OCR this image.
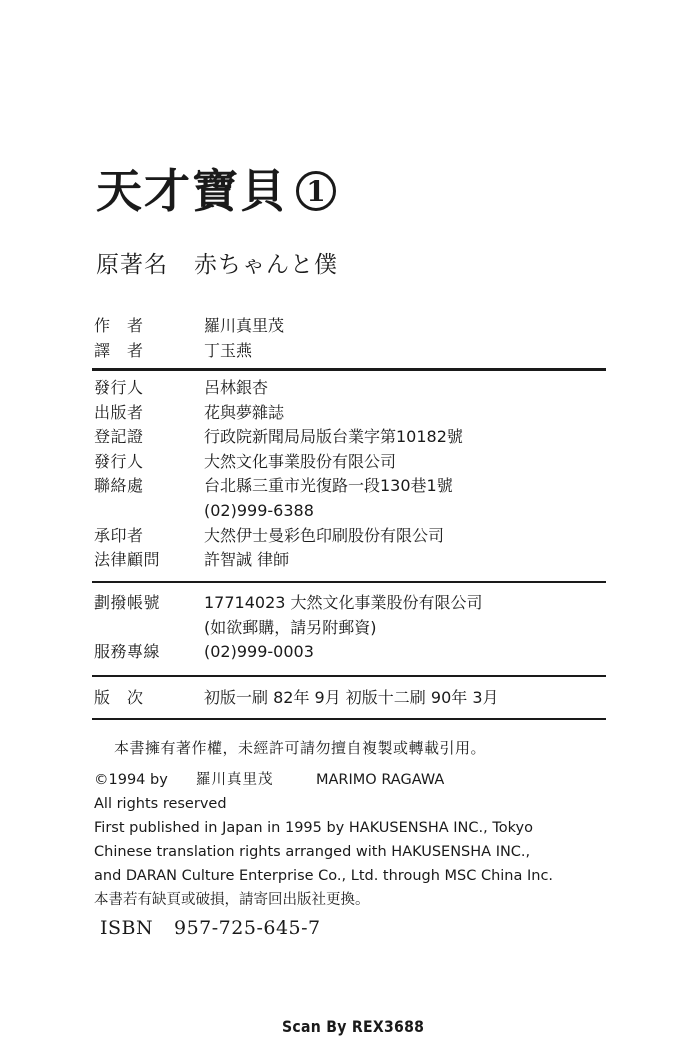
天才寶貝 1
原著名 赤ちゃんと僕
作　者	羅川真里茂
譯　者	丁玉燕
發行人	呂林銀杏
出版者	花與夢雜誌
登記證	行政院新聞局局版台業字第10182號
發行人	大然文化事業股份有限公司
聯絡處	台北縣三重市光復路一段130巷1號
(02)999-6388
承印者	大然伊士曼彩色印刷股份有限公司
法律顧問	許智誠 律師
劃撥帳號	17714023 大然文化事業股份有限公司
(如欲郵購，請另附郵資)
服務專線	(02)999-0003
版　次	初版一刷 82年 9月 初版十二刷 90年 3月
本書擁有著作權，未經許可請勿擅自複製或轉載引用。
©1994 by	羅川真里茂	MARIMO RAGAWA
All rights reserved
First published in Japan in 1995 by HAKUSENSHA INC., Tokyo
Chinese translation rights arranged with HAKUSENSHA INC.,
and DARAN Culture Enterprise Co., Ltd. through MSC China Inc.
本書若有缺頁或破損，請寄回出版社更換。
ISBN	957-725-645-7
Scan By REX3688
